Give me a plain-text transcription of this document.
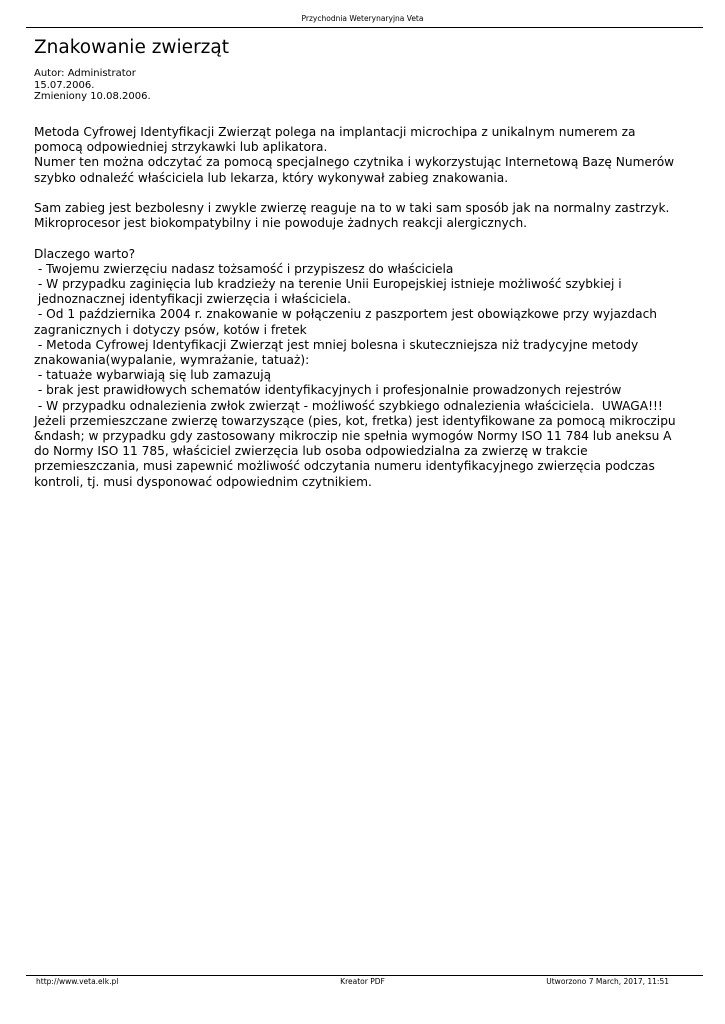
Przychodnia Weterynaryjna Veta
Znakowanie zwierząt
Autor: Administrator
15.07.2006.
Zmieniony 10.08.2006.
Metoda Cyfrowej Identyfikacji Zwierząt polega na implantacji microchipa z unikalnym numerem za
pomocą odpowiedniej strzykawki lub aplikatora.
Numer ten można odczytać za pomocą specjalnego czytnika i wykorzystując Internetową Bazę Numerów
szybko odnaleźć właściciela lub lekarza, który wykonywał zabieg znakowania.
Sam zabieg jest bezbolesny i zwykle zwierzę reaguje na to w taki sam sposób jak na normalny zastrzyk.
Mikroprocesor jest biokompatybilny i nie powoduje żadnych reakcji alergicznych.
Dlaczego warto?
- Twojemu zwierzęciu nadasz tożsamość i przypiszesz do właściciela
- W przypadku zaginięcia lub kradzieży na terenie Unii Europejskiej istnieje możliwość szybkiej i
jednoznacznej identyfikacji zwierzęcia i właściciela.
- Od 1 października 2004 r. znakowanie w połączeniu z paszportem jest obowiązkowe przy wyjazdach
zagranicznych i dotyczy psów, kotów i fretek
- Metoda Cyfrowej Identyfikacji Zwierząt jest mniej bolesna i skuteczniejsza niż tradycyjne metody
znakowania(wypalanie, wymrażanie, tatuaż):
- tatuaże wybarwiają się lub zamazują
- brak jest prawidłowych schematów identyfikacyjnych i profesjonalnie prowadzonych rejestrów
- W przypadku odnalezienia zwłok zwierząt - możliwość szybkiego odnalezienia właściciela.  UWAGA!!!
Jeżeli przemieszczane zwierzę towarzyszące (pies, kot, fretka) jest identyfikowane za pomocą mikroczipu
&ndash; w przypadku gdy zastosowany mikroczip nie spełnia wymogów Normy ISO 11 784 lub aneksu A
do Normy ISO 11 785, właściciel zwierzęcia lub osoba odpowiedzialna za zwierzę w trakcie
przemieszczania, musi zapewnić możliwość odczytania numeru identyfikacyjnego zwierzęcia podczas
kontroli, tj. musi dysponować odpowiednim czytnikiem.
http://www.veta.elk.pl	Kreator PDF	Utworzono 7 March, 2017, 11:51
